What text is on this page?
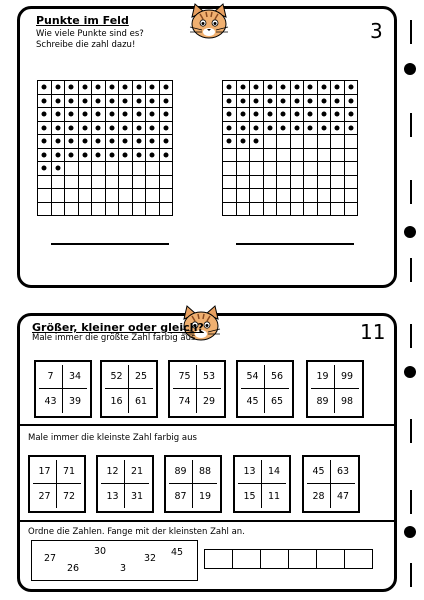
Punkte im Feld
Wie viele Punkte sind es?
Schreibe die zahl dazu!
3
Größer, kleiner oder gleich?
Male immer die größte Zahl farbig aus	11
7	34
43	39
52	25
16	61
75	53
74	29
54	56
45	65
19	99
89	98
Male immer die kleinste Zahl farbig aus
17	71
27	72
12	21
13	31
89	88
87	19
13	14
15	11
45	63
28	47
Ordne die Zahlen. Fange mit der kleinsten Zahl an.
27
30
32
45
26	3
